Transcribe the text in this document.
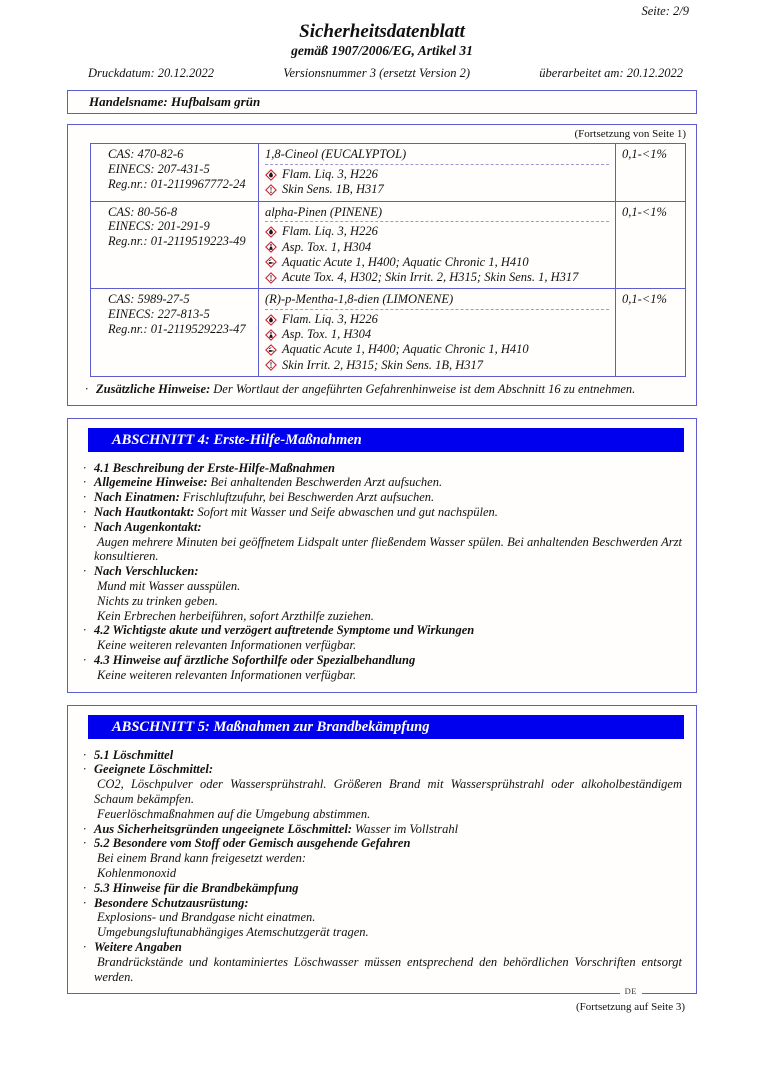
Seite: 2/9
Sicherheitsdatenblatt
gemäß 1907/2006/EG, Artikel 31
Druckdatum: 20.12.2022	Versionsnummer 3 (ersetzt Version 2)	überarbeitet am: 20.12.2022
Handelsname: Hufbalsam grün
(Fortsetzung von Seite 1)
CAS: 470-82-6
EINECS: 207-431-5
Reg.nr.: 01-2119967772-24
1,8-Cineol (EUCALYPTOL)
Flam. Liq. 3, H226
Skin Sens. 1B, H317
0,1-<1%
CAS: 80-56-8
EINECS: 201-291-9
Reg.nr.: 01-2119519223-49
alpha-Pinen (PINENE)
Flam. Liq. 3, H226
Asp. Tox. 1, H304
Aquatic Acute 1, H400; Aquatic Chronic 1, H410
Acute Tox. 4, H302; Skin Irrit. 2, H315; Skin Sens. 1, H317
0,1-<1%
CAS: 5989-27-5
EINECS: 227-813-5
Reg.nr.: 01-2119529223-47
(R)-p-Mentha-1,8-dien (LIMONENE)
Flam. Liq. 3, H226
Asp. Tox. 1, H304
Aquatic Acute 1, H400; Aquatic Chronic 1, H410
Skin Irrit. 2, H315; Skin Sens. 1B, H317
0,1-<1%
· Zusätzliche Hinweise: Der Wortlaut der angeführten Gefahrenhinweise ist dem Abschnitt 16 zu entnehmen.
ABSCHNITT 4: Erste-Hilfe-Maßnahmen
· 4.1 Beschreibung der Erste-Hilfe-Maßnahmen
· Allgemeine Hinweise: Bei anhaltenden Beschwerden Arzt aufsuchen.
· Nach Einatmen: Frischluftzufuhr, bei Beschwerden Arzt aufsuchen.
· Nach Hautkontakt: Sofort mit Wasser und Seife abwaschen und gut nachspülen.
· Nach Augenkontakt:
Augen mehrere Minuten bei geöffnetem Lidspalt unter fließendem Wasser spülen. Bei anhaltenden Beschwerden Arzt konsultieren.
· Nach Verschlucken:
Mund mit Wasser ausspülen.
Nichts zu trinken geben.
Kein Erbrechen herbeiführen, sofort Arzthilfe zuziehen.
· 4.2 Wichtigste akute und verzögert auftretende Symptome und Wirkungen
Keine weiteren relevanten Informationen verfügbar.
· 4.3 Hinweise auf ärztliche Soforthilfe oder Spezialbehandlung
Keine weiteren relevanten Informationen verfügbar.
ABSCHNITT 5: Maßnahmen zur Brandbekämpfung
· 5.1 Löschmittel
· Geeignete Löschmittel:
CO2, Löschpulver oder Wassersprühstrahl. Größeren Brand mit Wassersprühstrahl oder alkoholbeständigem Schaum bekämpfen.
Feuerlöschmaßnahmen auf die Umgebung abstimmen.
· Aus Sicherheitsgründen ungeeignete Löschmittel: Wasser im Vollstrahl
· 5.2 Besondere vom Stoff oder Gemisch ausgehende Gefahren
Bei einem Brand kann freigesetzt werden:
Kohlenmonoxid
· 5.3 Hinweise für die Brandbekämpfung
· Besondere Schutzausrüstung:
Explosions- und Brandgase nicht einatmen.
Umgebungsluftunabhängiges Atemschutzgerät tragen.
· Weitere Angaben
Brandrückstände und kontaminiertes Löschwasser müssen entsprechend den behördlichen Vorschriften entsorgt werden.
DE
(Fortsetzung auf Seite 3)
